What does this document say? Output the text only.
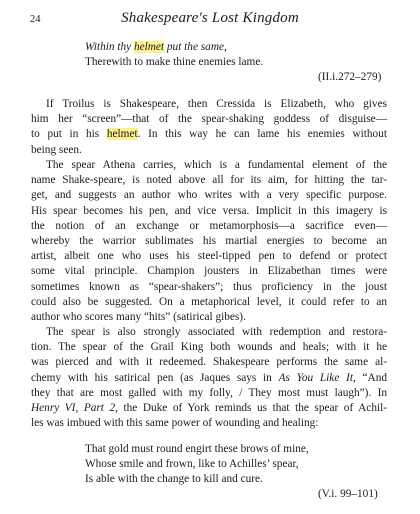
24	Shakespeare's Lost Kingdom
Within thy helmet put the same,
Therewith to make thine enemies lame.
(II.i.272–279)
If Troilus is Shakespeare, then Cressida is Elizabeth, who gives
him her “screen”—that of the spear-shaking goddess of disguise—
to put in his helmet. In this way he can lame his enemies without
being seen.
The spear Athena carries, which is a fundamental element of the
name Shake-speare, is noted above all for its aim, for hitting the tar-
get, and suggests an author who writes with a very specific purpose.
His spear becomes his pen, and vice versa. Implicit in this imagery is
the notion of an exchange or metamorphosis—a sacrifice even—
whereby the warrior sublimates his martial energies to become an
artist, albeit one who uses his steel-tipped pen to defend or protect
some vital principle. Champion jousters in Elizabethan times were
sometimes known as “spear-shakers”; thus proficiency in the joust
could also be suggested. On a metaphorical level, it could refer to an
author who scores many “hits” (satirical gibes).
The spear is also strongly associated with redemption and restora-
tion. The spear of the Grail King both wounds and heals; with it he
was pierced and with it redeemed. Shakespeare performs the same al-
chemy with his satirical pen (as Jaques says in As You Like It, “And
they that are most galled with my folly, / They most must laugh”). In
Henry VI, Part 2, the Duke of York reminds us that the spear of Achil-
les was imbued with this same power of wounding and healing:
That gold must round engirt these brows of mine,
Whose smile and frown, like to Achilles’ spear,
Is able with the change to kill and cure.
(V.i. 99–101)
